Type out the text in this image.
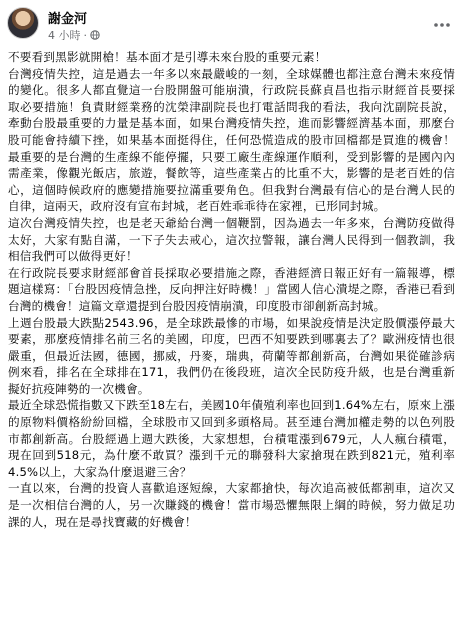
謝金河
4 小時 ·

不要看到黑影就開槍！基本面才是引導未來台股的重要元素！

台灣疫情失控，這是過去一年多以來最嚴峻的一刻，全球媒體也都注意台灣未來疫情的變化。很多人都直覺這一台股開盤可能崩潰，行政院長蘇貞昌也指示財經首長要採取必要措施！負責財經業務的沈榮津副院長也打電話問我的看法，我向沈副院長說，牽動台股最重要的力量是基本面，如果台灣疫情失控，進而影響經濟基本面，那麼台股可能會持續下挫，如果基本面挺得住，任何恐慌造成的股市回檔都是買進的機會！最重要的是台灣的生產線不能停擺，只要工廠生產線運作順利，受到影響的是國內內需產業，像觀光飯店，旅遊，餐飲等，這些產業占的比重不大，影響的是老百姓的信心，這個時候政府的應變措施要拉滿重要角色。但我對台灣最有信心的是台灣人民的自律，這兩天，政府沒有宣布封城，老百姓乖乖待在家裡，已形同封城。

這次台灣疫情失控，也是老天爺給台灣一個鞭罰，因為過去一年多來，台灣防疫做得太好，大家有點自滿，一下子失去戒心，這次拉警報，讓台灣人民得到一個教訓，我相信我們可以做得更好！

在行政院長要求財經部會首長採取必要措施之際，香港經濟日報正好有一篇報導，標題這樣寫：「台股因疫情急挫，反向押注好時機！」當國人信心潰堤之際，香港已看到台灣的機會！這篇文章還提到台股因疫情崩潰，印度股市卻創新高封城。

上週台股最大跌點2543.96，是全球跌最慘的市場，如果說疫情是決定股價漲停最大要素，那麼疫情排名前三名的美國，印度，巴西不知要跌到哪裏去了？歐洲疫情也很嚴重，但最近法國，德國，挪威，丹麥，瑞典，荷蘭等都創新高，台灣如果從確診病例來看，排名在全球排在171，我們仍在後段班，這次全民防疫升級，也是台灣重新擬好抗疫陣勢的一次機會。

最近全球恐慌指數又下跌至18左右，美國10年債殖利率也回到1.64%左右，原來上漲的原物料價格紛紛回檔，全球股市又回到多頭格局。甚至連台灣加權走勢的以色列股市都創新高。台股經過上週大跌後，大家想想，台積電漲到679元，人人瘋台積電，現在回到518元，為什麼不敢買？漲到千元的聯發科大家搶現在跌到821元，殖利率4.5%以上，大家為什麼退避三舍？

一直以來，台灣的投資人喜歡追逐短線，大家都搶快，每次追高被低都割車，這次又是一次相信台灣的人，另一次賺錢的機會！當市場恐懼無限上綱的時候，努力做足功課的人，現在是尋找寶藏的好機會！
